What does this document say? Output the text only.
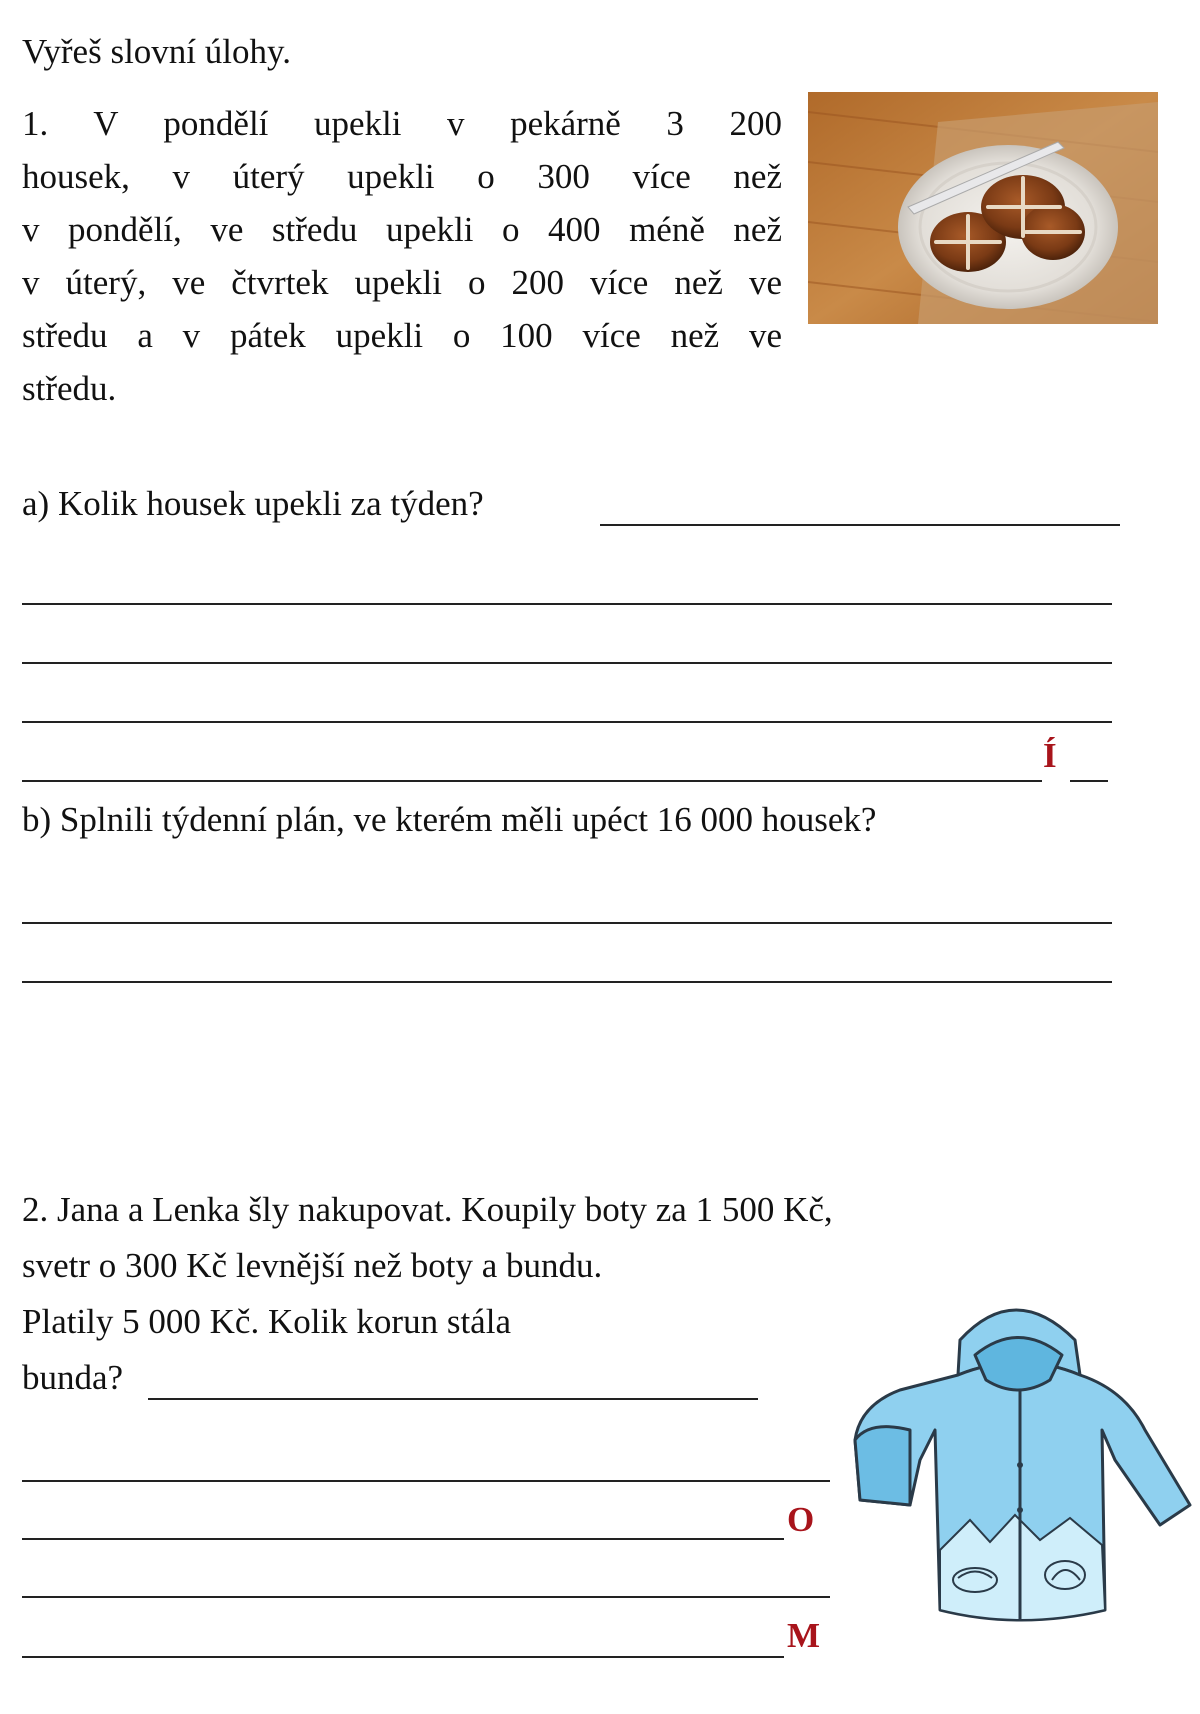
Vyřeš slovní úlohy.
1. V pondělí upekli v pekárně 3 200
housek, v úterý upekli o 300 více než
v pondělí, ve středu upekli o 400 méně než
v úterý, ve čtvrtek upekli o 200 více než ve
středu a v pátek upekli o 100 více než ve
středu.
a) Kolik housek upekli za týden?
Í
b) Splnili týdenní plán, ve kterém měli upéct 16 000 housek?
2. Jana a Lenka šly nakupovat. Koupily boty za 1 500 Kč,
svetr o 300 Kč levnější než boty a bundu.
Platily 5 000 Kč. Kolik korun stála
bunda?
O
M
